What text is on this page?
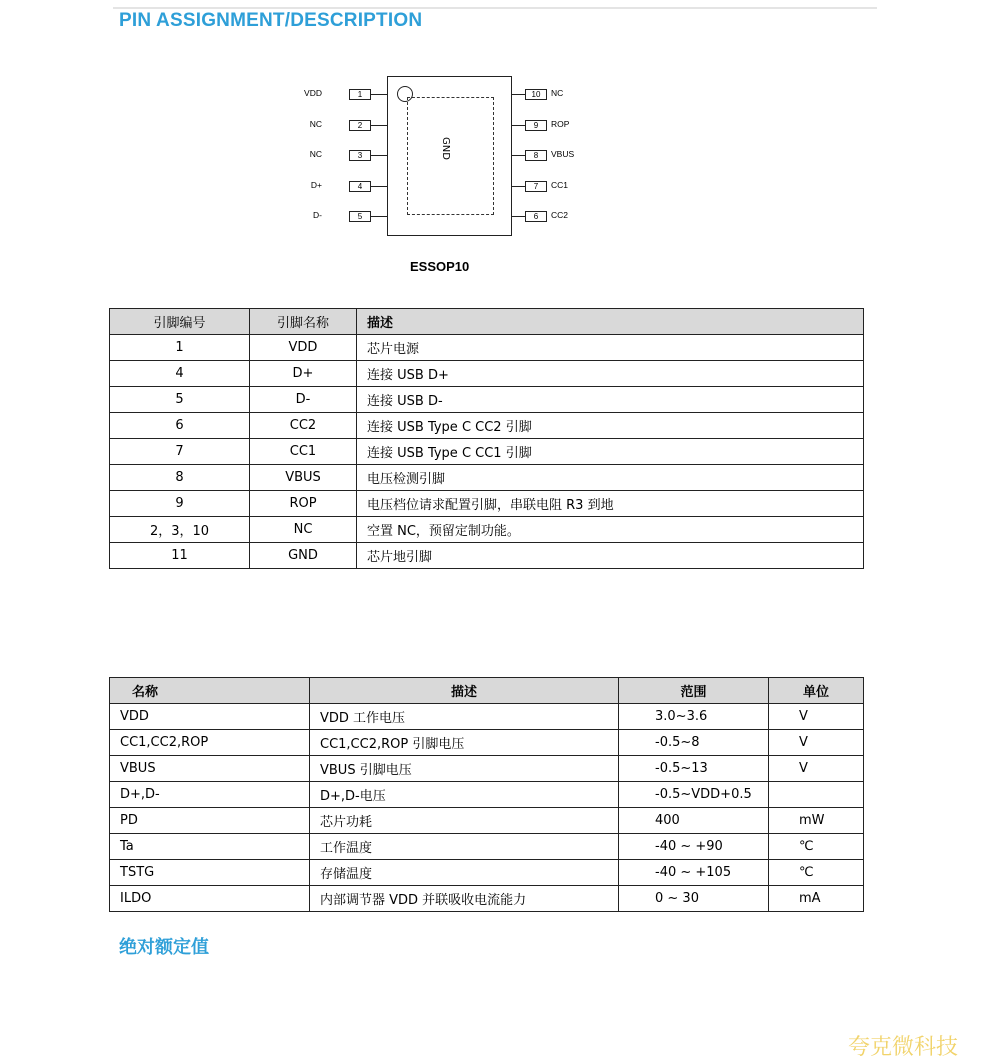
PIN ASSIGNMENT/DESCRIPTION
GND
VDD	1
NC	2
NC	3
D+	4
D-	5
10	NC
9	ROP
8	VBUS
7	CC1
6	CC2
ESSOP10
引脚编号	引脚名称	描述
1	VDD	芯片电源
4	D+	连接 USB D+
5	D-	连接 USB D-
6	CC2	连接 USB Type C CC2 引脚
7	CC1	连接 USB Type C CC1 引脚
8	VBUS	电压检测引脚
9	ROP	电压档位请求配置引脚，串联电阻 R3 到地
2，3，10	NC	空置 NC，预留定制功能。
11	GND	芯片地引脚
名称	描述	范围	单位
VDD	VDD 工作电压	3.0~3.6	V
CC1,CC2,ROP	CC1,CC2,ROP 引脚电压	-0.5~8	V
VBUS	VBUS 引脚电压	-0.5~13	V
D+,D-	D+,D-电压	-0.5~VDD+0.5	
PD	芯片功耗	400	mW
Ta	工作温度	-40 ~ +90	℃
TSTG	存储温度	-40 ~ +105	℃
ILDO	内部调节器 VDD 并联吸收电流能力	0 ~ 30	mA
绝对额定值
夸克微科技
